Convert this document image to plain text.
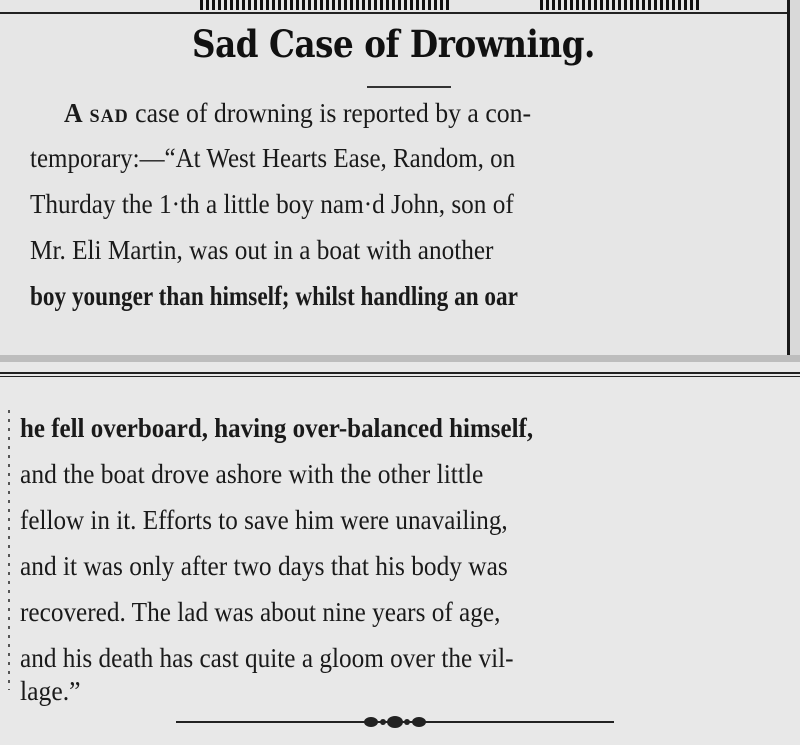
Sad Case of Drowning.
A sad case of drowning is reported by a con-
temporary:—“At West Hearts Ease, Random, on
Thurday the 1·th a little boy nam·d John, son of
Mr. Eli Martin, was out in a boat with another
boy younger than himself; whilst handling an oar
he fell overboard, having over-balanced himself,
and the boat drove ashore with the other little
fellow in it. Efforts to save him were unavailing,
and it was only after two days that his body was
recovered. The lad was about nine years of age,
and his death has cast quite a gloom over the vil-
lage.”
